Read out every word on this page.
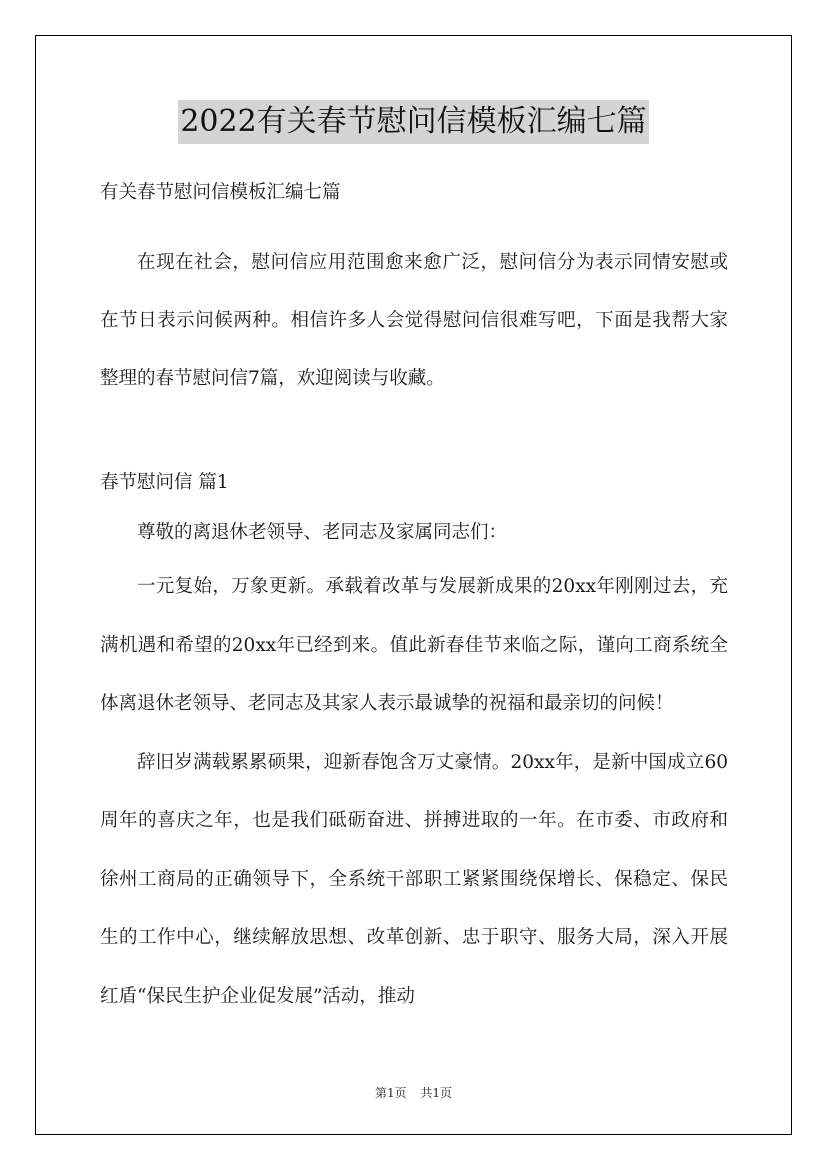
2022有关春节慰问信模板汇编七篇

有关春节慰问信模板汇编七篇

在现在社会，慰问信应用范围愈来愈广泛，慰问信分为表示同情安慰或在节日表示问候两种。相信许多人会觉得慰问信很难写吧，下面是我帮大家整理的春节慰问信7篇，欢迎阅读与收藏。

春节慰问信 篇1

尊敬的离退休老领导、老同志及家属同志们：

一元复始，万象更新。承载着改革与发展新成果的20xx年刚刚过去，充满机遇和希望的20xx年已经到来。值此新春佳节来临之际，谨向工商系统全体离退休老领导、老同志及其家人表示最诚挚的祝福和最亲切的问候！

辞旧岁满载累累硕果，迎新春饱含万丈豪情。20xx年，是新中国成立60周年的喜庆之年，也是我们砥砺奋进、拼搏进取的一年。在市委、市政府和徐州工商局的正确领导下，全系统干部职工紧紧围绕保增长、保稳定、保民生的工作中心，继续解放思想、改革创新、忠于职守、服务大局，深入开展红盾“保民生护企业促发展”活动，推动

第1页 共1页
